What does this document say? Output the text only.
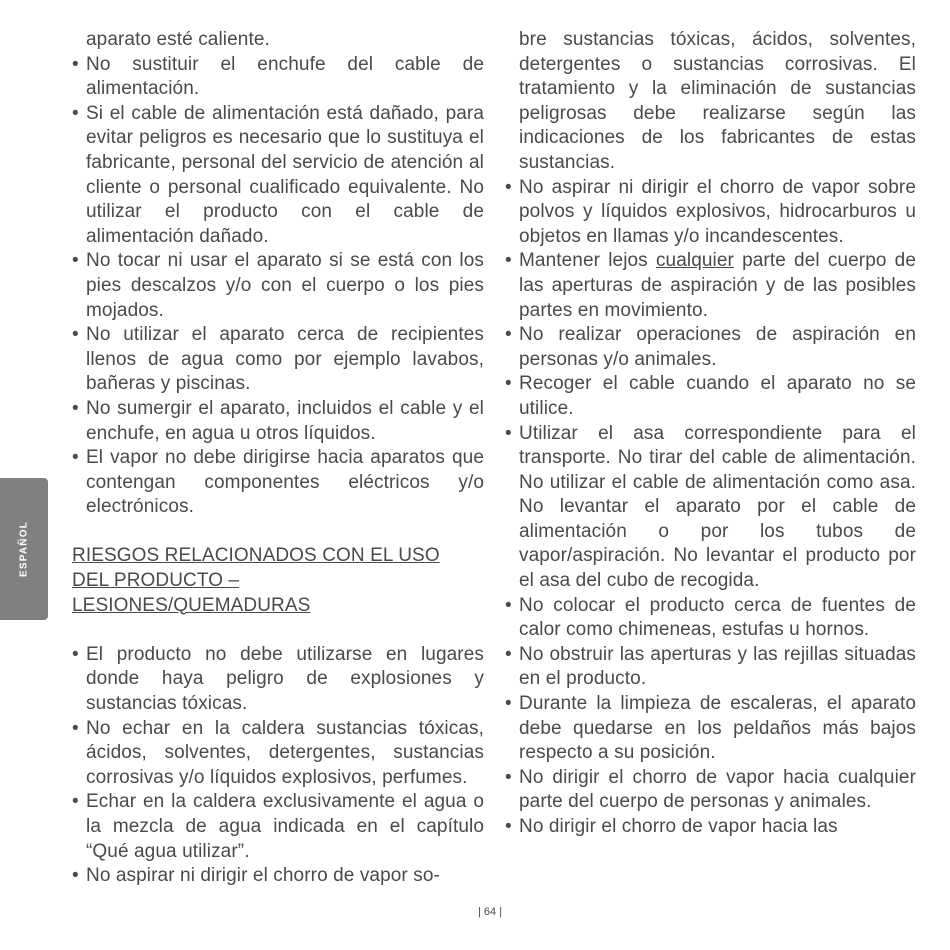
ESPAÑOL

aparato esté caliente.

• No sustituir el enchufe del cable de alimentación.
• Si el cable de alimentación está dañado, para evitar peligros es necesario que lo sustituya el fabricante, personal del servicio de atención al cliente o personal cualificado equivalente. No utilizar el producto con el cable de alimentación dañado.
• No tocar ni usar el aparato si se está con los pies descalzos y/o con el cuerpo o los pies mojados.
• No utilizar el aparato cerca de recipientes llenos de agua como por ejemplo lavabos, bañeras y piscinas.
• No sumergir el aparato, incluidos el cable y el enchufe, en agua u otros líquidos.
• El vapor no debe dirigirse hacia aparatos que contengan componentes eléctricos y/o electrónicos.

RIESGOS RELACIONADOS CON EL USO

DEL PRODUCTO –

LESIONES/QUEMADURAS

• El producto no debe utilizarse en lugares donde haya peligro de explosiones y sustancias tóxicas.
• No echar en la caldera sustancias tóxicas, ácidos, solventes, detergentes, sustancias corrosivas y/o líquidos explosivos, perfumes.
• Echar en la caldera exclusivamente el agua o la mezcla de agua indicada en el capítulo “Qué agua utilizar”.
• No aspirar ni dirigir el chorro de vapor so-

bre sustancias tóxicas, ácidos, solventes, detergentes o sustancias corrosivas. El tratamiento y la eliminación de sustancias peligrosas debe realizarse según las indicaciones de los fabricantes de estas sustancias.

• No aspirar ni dirigir el chorro de vapor sobre polvos y líquidos explosivos, hidrocarburos u objetos en llamas y/o incandescentes.
• Mantener lejos cualquier parte del cuerpo de las aperturas de aspiración y de las posibles partes en movimiento.
• No realizar operaciones de aspiración en personas y/o animales.
• Recoger el cable cuando el aparato no se utilice.
• Utilizar el asa correspondiente para el transporte. No tirar del cable de alimentación. No utilizar el cable de alimentación como asa. No levantar el aparato por el cable de alimentación o por los tubos de vapor/aspiración. No levantar el producto por el asa del cubo de recogida.
• No colocar el producto cerca de fuentes de calor como chimeneas, estufas u hornos.
• No obstruir las aperturas y las rejillas situadas en el producto.
• Durante la limpieza de escaleras, el aparato debe quedarse en los peldaños más bajos respecto a su posición.
• No dirigir el chorro de vapor hacia cualquier parte del cuerpo de personas y animales.
• No dirigir el chorro de vapor hacia las
| 64 |
